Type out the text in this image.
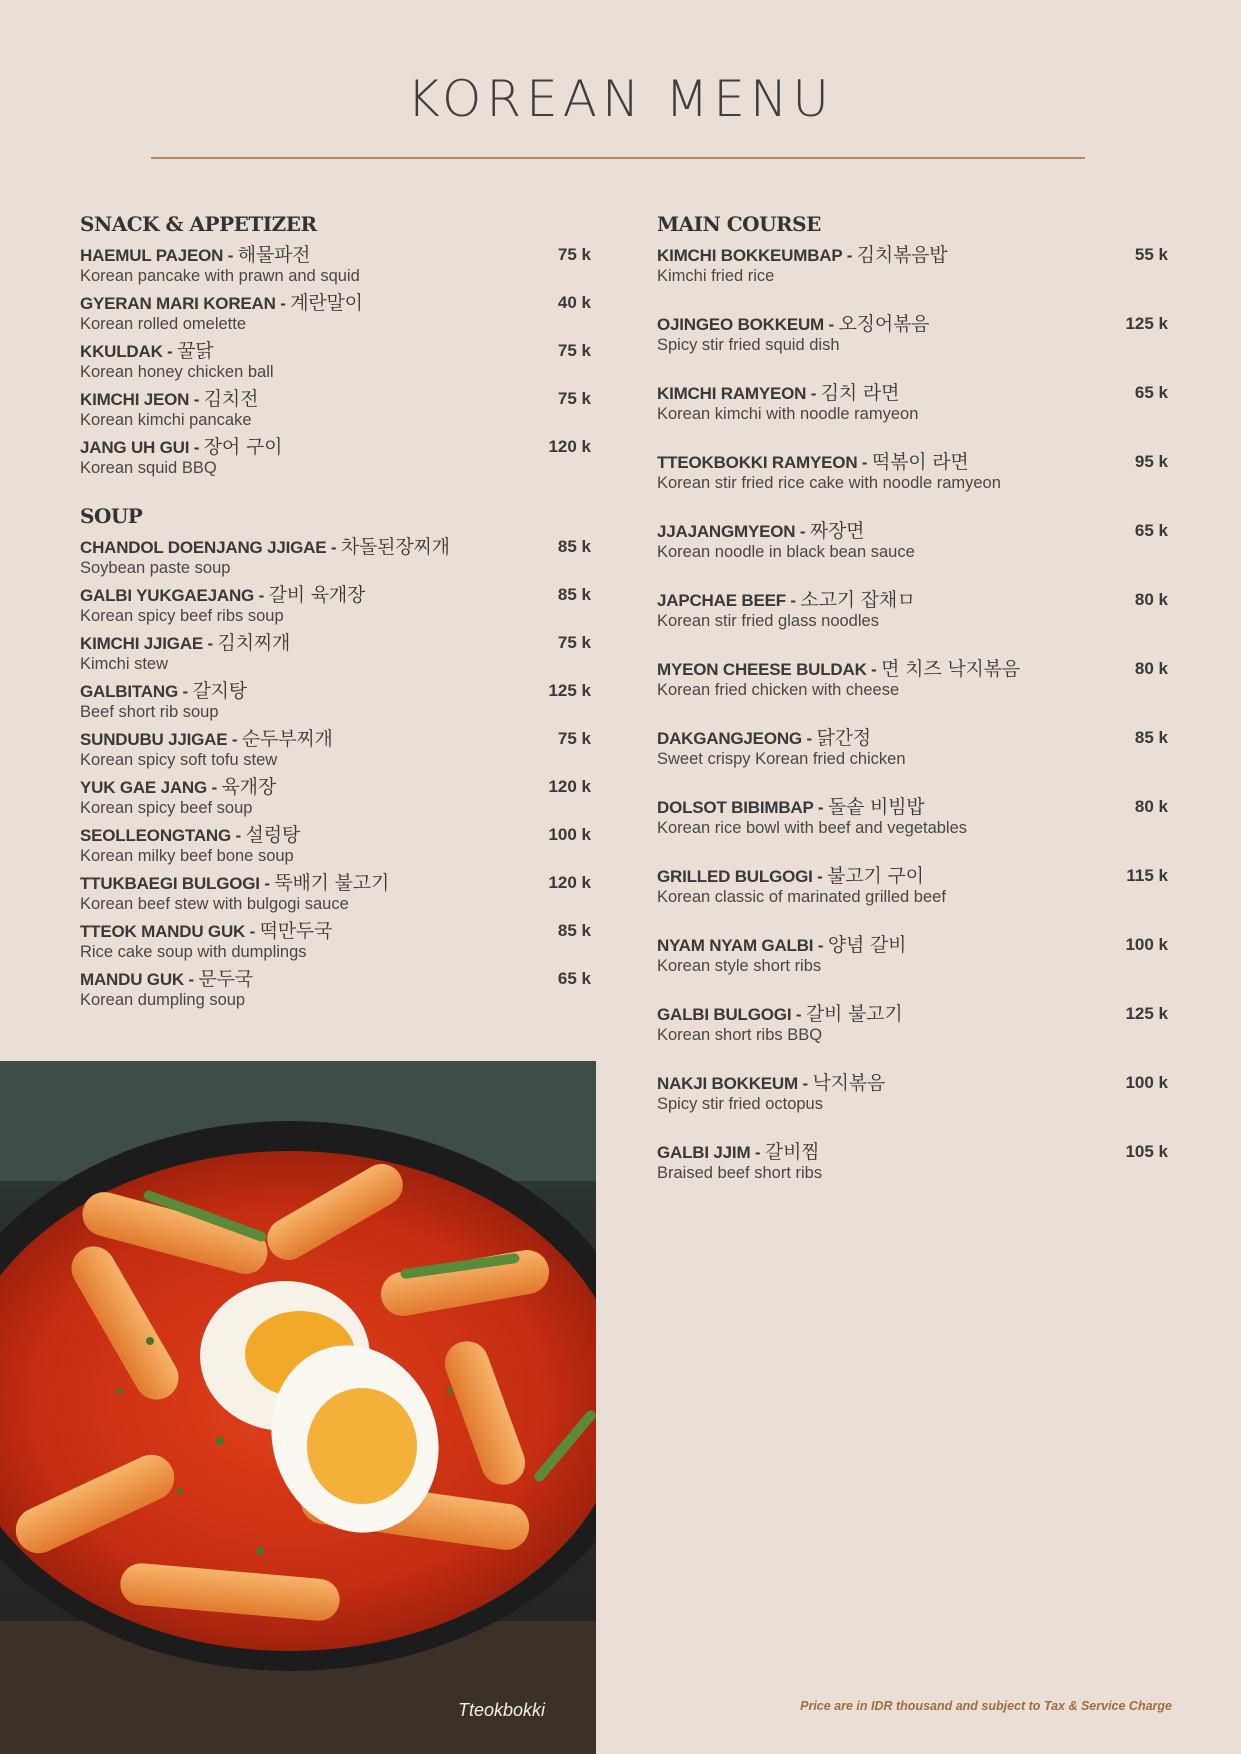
KOREAN MENU
SNACK & APPETIZER
HAEMUL PAJEON - 해물파전
Korean pancake with prawn and squid
75 k
GYERAN MARI KOREAN - 계란말이
Korean rolled omelette
40 k
KKULDAK - 꿀닭
Korean honey chicken ball
75 k
KIMCHI JEON - 김치전
Korean kimchi pancake
75 k
JANG UH GUI - 장어 구이
Korean squid BBQ
120 k
SOUP
CHANDOL DOENJANG JJIGAE - 차돌된장찌개
Soybean paste soup
85 k
GALBI YUKGAEJANG - 갈비 육개장
Korean spicy beef ribs soup
85 k
KIMCHI JJIGAE - 김치찌개
Kimchi stew
75 k
GALBITANG - 갈지탕
Beef short rib soup
125 k
SUNDUBU JJIGAE - 순두부찌개
Korean spicy soft tofu stew
75 k
YUK GAE JANG - 육개장
Korean spicy beef soup
120 k
SEOLLEONGTANG - 설렁탕
Korean milky beef bone soup
100 k
TTUKBAEGI BULGOGI - 뚝배기 불고기
Korean beef stew with bulgogi sauce
120 k
TTEOK MANDU GUK - 떡만두국
Rice cake soup with dumplings
85 k
MANDU GUK - 문두국
Korean dumpling soup
65 k
MAIN COURSE
KIMCHI BOKKEUMBAP - 김치볶음밥
Kimchi fried rice
55 k
OJINGEO BOKKEUM - 오징어볶음
Spicy stir fried squid dish
125 k
KIMCHI RAMYEON - 김치 라면
Korean kimchi with noodle ramyeon
65 k
TTEOKBOKKI RAMYEON - 떡볶이 라면
Korean stir fried rice cake with noodle ramyeon
95 k
JJAJANGMYEON - 짜장면
Korean noodle in black bean sauce
65 k
JAPCHAE BEEF - 소고기 잡채ㅁ
Korean stir fried glass noodles
80 k
MYEON CHEESE BULDAK - 면 치즈 낙지볶음
Korean fried chicken with cheese
80 k
DAKGANGJEONG - 닭간정
Sweet crispy Korean fried chicken
85 k
DOLSOT BIBIMBAP - 돌솥 비빔밥
Korean rice bowl with beef and vegetables
80 k
GRILLED BULGOGI - 불고기 구이
Korean classic of marinated grilled beef
115 k
NYAM NYAM GALBI - 양념 갈비
Korean style short ribs
100 k
GALBI BULGOGI - 갈비 불고기
Korean short ribs BBQ
125 k
NAKJI BOKKEUM - 낙지볶음
Spicy stir fried octopus
100 k
GALBI JJIM - 갈비찜
Braised beef short ribs
105 k
Tteokbokki	Price are in IDR thousand and subject to Tax & Service Charge
